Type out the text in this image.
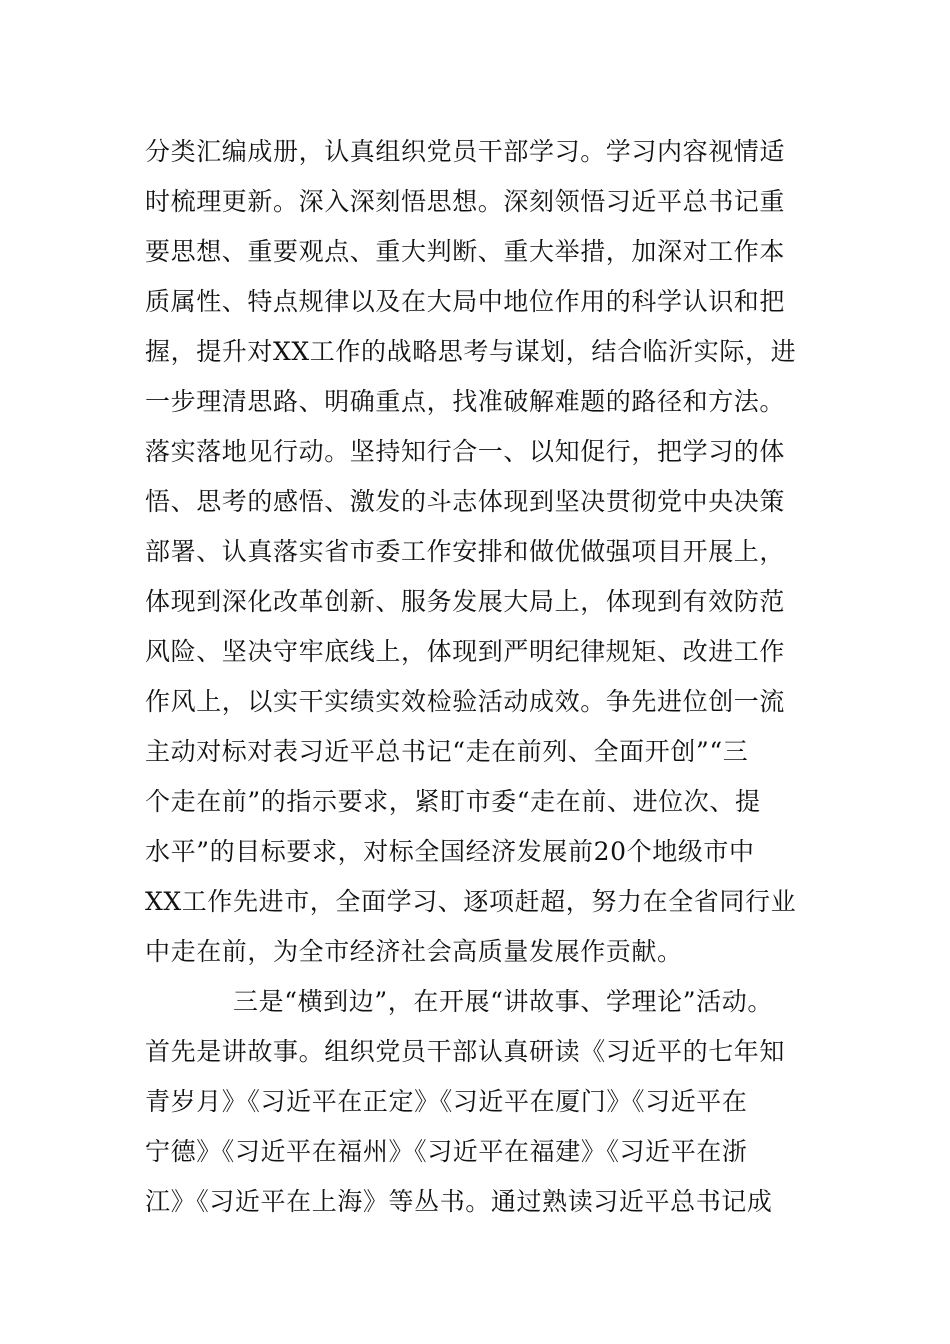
分类汇编成册，认真组织党员干部学习。学习内容视情适
时梳理更新。深入深刻悟思想。深刻领悟习近平总书记重
要思想、重要观点、重大判断、重大举措，加深对工作本
质属性、特点规律以及在大局中地位作用的科学认识和把
握，提升对XX工作的战略思考与谋划，结合临沂实际，进
一步理清思路、明确重点，找准破解难题的路径和方法。
落实落地见行动。坚持知行合一、以知促行，把学习的体
悟、思考的感悟、激发的斗志体现到坚决贯彻党中央决策
部署、认真落实省市委工作安排和做优做强项目开展上，
体现到深化改革创新、服务发展大局上，体现到有效防范
风险、坚决守牢底线上，体现到严明纪律规矩、改进工作
作风上，以实干实绩实效检验活动成效。争先进位创一流
主动对标对表习近平总书记“走在前列、全面开创”“三
个走在前”的指示要求，紧盯市委“走在前、进位次、提
水平”的目标要求，对标全国经济发展前20个地级市中
XX工作先进市，全面学习、逐项赶超，努力在全省同行业
中走在前，为全市经济社会高质量发展作贡献。
三是“横到边”，在开展“讲故事、学理论”活动。
首先是讲故事。组织党员干部认真研读《习近平的七年知
青岁月》《习近平在正定》《习近平在厦门》《习近平在
宁德》《习近平在福州》《习近平在福建》《习近平在浙
江》《习近平在上海》等丛书。通过熟读习近平总书记成
